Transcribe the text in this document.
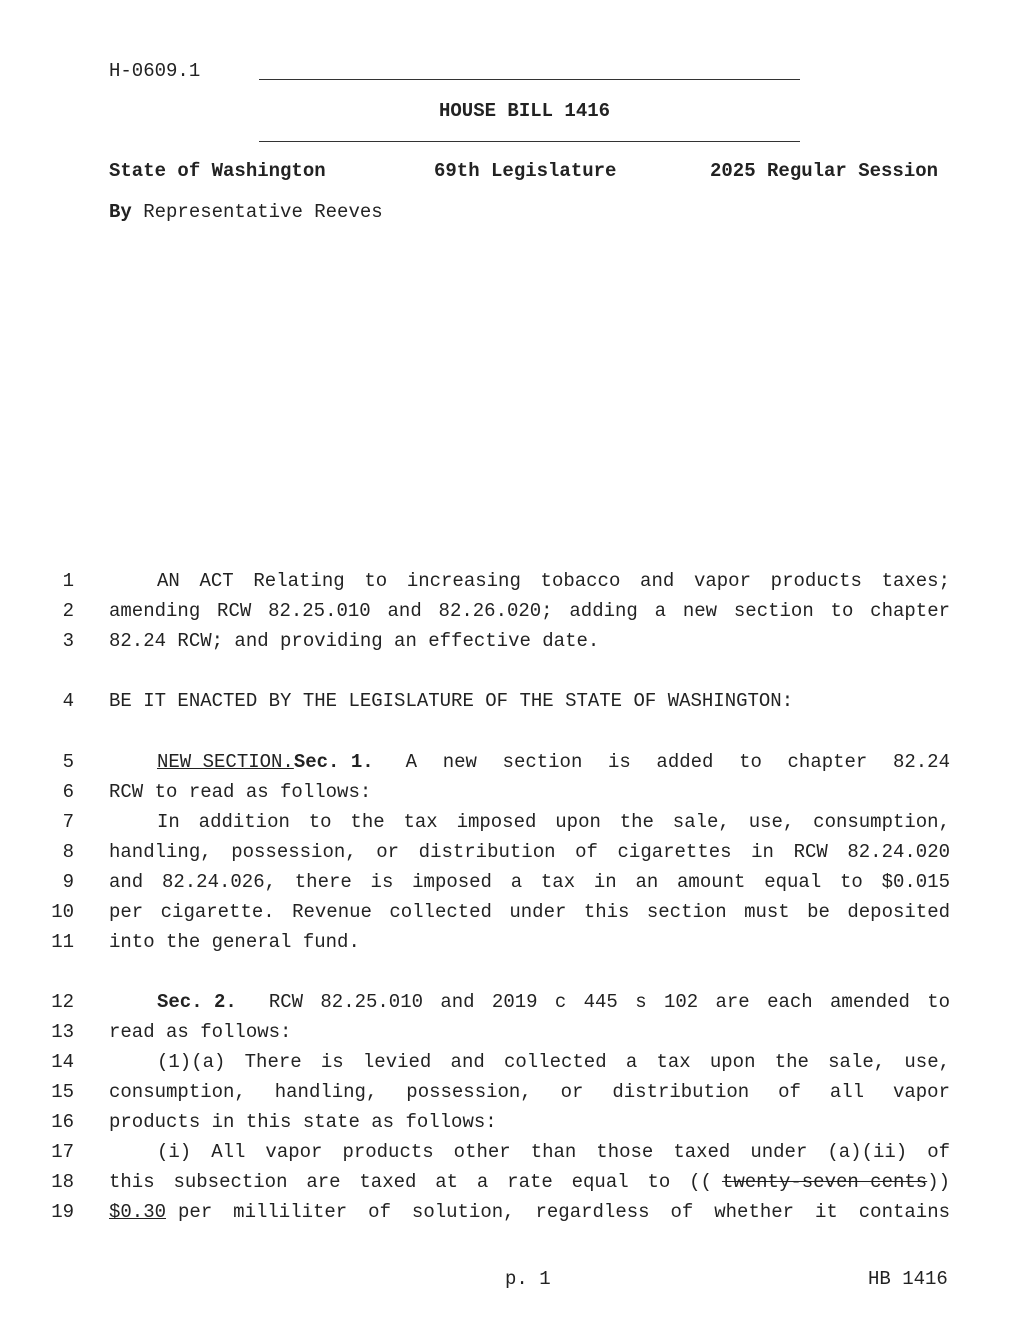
H-0609.1
HOUSE BILL 1416
State of Washington	69th Legislature	2025 Regular Session
By Representative Reeves
1
2
3
4
5
6
7
8
9
10
11
12
13
14
15
16
17
18
19
AN ACT Relating to increasing tobacco and vapor products taxes;
amending RCW 82.25.010 and 82.26.020; adding a new section to chapter
82.24 RCW; and providing an effective date.
BE IT ENACTED BY THE LEGISLATURE OF THE STATE OF WASHINGTON:
NEW SECTION. Sec. 1.	A new section is added to chapter 82.24
RCW to read as follows:
In addition to the tax imposed upon the sale, use, consumption,
handling, possession, or distribution of cigarettes in RCW 82.24.020
and 82.24.026, there is imposed a tax in an amount equal to $0.015
per cigarette. Revenue collected under this section must be deposited
into the general fund.
Sec. 2.	RCW 82.25.010 and 2019 c 445 s 102 are each amended to
read as follows:
(1)(a) There is levied and collected a tax upon the sale, use,
consumption, handling, possession, or distribution of all vapor
products in this state as follows:
(i) All vapor products other than those taxed under (a)(ii) of
this subsection are taxed at a rate equal to (( twenty-seven cents ))
$0.30 per milliliter of solution, regardless of whether it contains
p. 1	HB 1416
